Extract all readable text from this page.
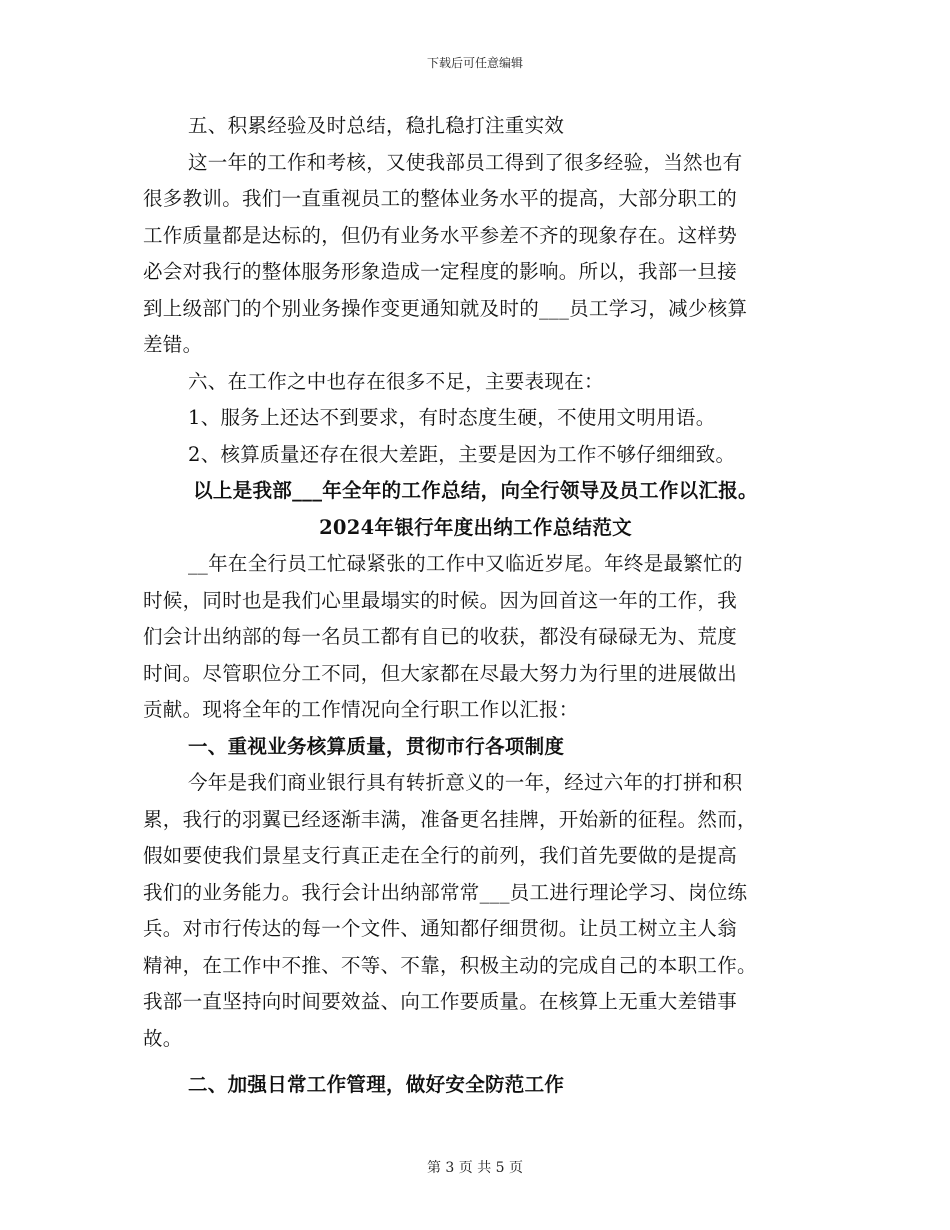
下载后可任意编辑
五、积累经验及时总结，稳扎稳打注重实效
这一年的工作和考核，又使我部员工得到了很多经验，当然也有
很多教训。我们一直重视员工的整体业务水平的提高，大部分职工的
工作质量都是达标的，但仍有业务水平参差不齐的现象存在。这样势
必会对我行的整体服务形象造成一定程度的影响。所以，我部一旦接
到上级部门的个别业务操作变更通知就及时的___员工学习，减少核算
差错。
六、在工作之中也存在很多不足，主要表现在：
1、服务上还达不到要求，有时态度生硬，不使用文明用语。
2、核算质量还存在很大差距，主要是因为工作不够仔细细致。
以上是我部___年全年的工作总结，向全行领导及员工作以汇报。
2024年银行年度出纳工作总结范文
__年在全行员工忙碌紧张的工作中又临近岁尾。年终是最繁忙的
时候，同时也是我们心里最塌实的时候。因为回首这一年的工作，我
们会计出纳部的每一名员工都有自已的收获，都没有碌碌无为、荒度
时间。尽管职位分工不同，但大家都在尽最大努力为行里的进展做出
贡献。现将全年的工作情况向全行职工作以汇报：
一、重视业务核算质量，贯彻市行各项制度
今年是我们商业银行具有转折意义的一年，经过六年的打拼和积
累，我行的羽翼已经逐渐丰满，准备更名挂牌，开始新的征程。然而，
假如要使我们景星支行真正走在全行的前列，我们首先要做的是提高
我们的业务能力。我行会计出纳部常常___员工进行理论学习、岗位练
兵。对市行传达的每一个文件、通知都仔细贯彻。让员工树立主人翁
精神，在工作中不推、不等、不靠，积极主动的完成自己的本职工作。
我部一直坚持向时间要效益、向工作要质量。在核算上无重大差错事
故。
二、加强日常工作管理，做好安全防范工作
第 3 页 共 5 页
